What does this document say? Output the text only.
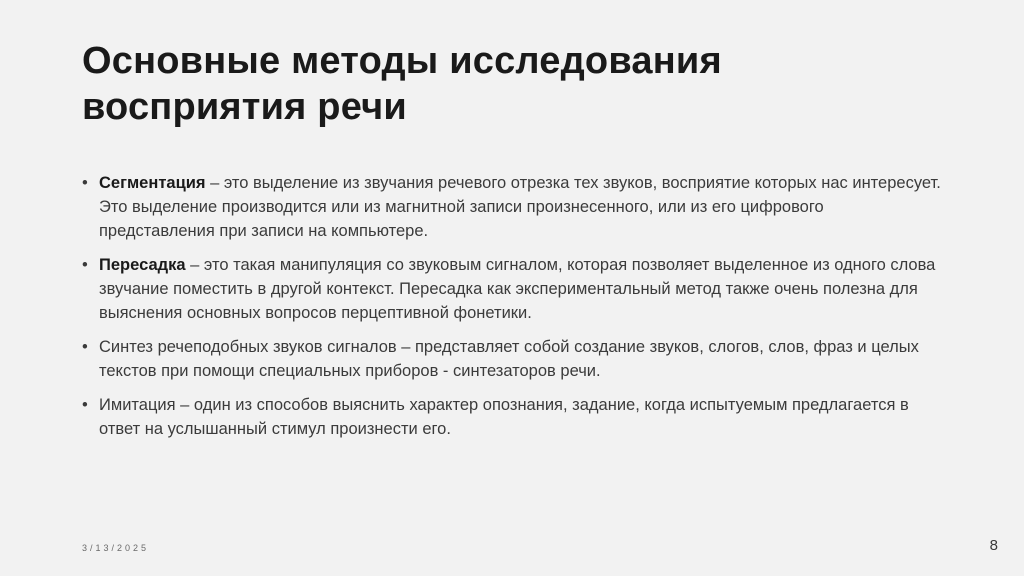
Основные методы исследования
восприятия речи
• Сегментация – это выделение из звучания речевого отрезка тех звуков, восприятие которых нас интересует. Это выделение производится или из магнитной записи произнесенного, или из его цифрового представления при записи на компьютере.
• Пересадка – это такая манипуляция со звуковым сигналом, которая позволяет выделенное из одного слова звучание поместить в другой контекст. Пересадка как экспериментальный метод также очень полезна для выяснения основных вопросов перцептивной фонетики.
• Синтез речеподобных звуков сигналов – представляет собой создание звуков, слогов, слов, фраз и целых текстов при помощи специальных приборов - синтезаторов речи.
• Имитация – один из способов выяснить характер опознания, задание, когда испытуемым предлагается в ответ на услышанный стимул произнести его.
3/13/2025	8
